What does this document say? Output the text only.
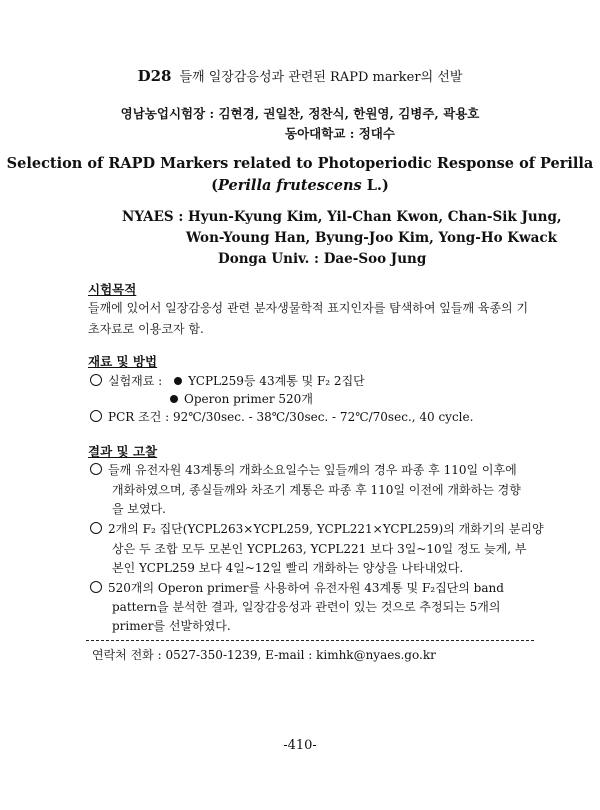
D28 들깨 일장감응성과 관련된 RAPD marker의 선발
영남농업시험장 : 김현경, 권일찬, 정찬식, 한원영, 김병주, 곽용호
동아대학교 : 정대수
Selection of RAPD Markers related to Photoperiodic Response of Perilla
(Perilla frutescens L.)
NYAES : Hyun-Kyung Kim, Yil-Chan Kwon, Chan-Sik Jung,
Won-Young Han, Byung-Joo Kim, Yong-Ho Kwack
Donga Univ. : Dae-Soo Jung
시험목적
들깨에 있어서 일장감응성 관련 분자생물학적 표지인자를 탐색하여 잎들깨 육종의 기
초자료로 이용코자 함.
재료 및 방법
실험재료 : YCPL259등 43계통 및 F₂ 2집단
Operon primer 520개
PCR 조건 : 92℃/30sec. - 38℃/30sec. - 72℃/70sec., 40 cycle.
결과 및 고찰
들깨 유전자원 43계통의 개화소요일수는 잎들깨의 경우 파종 후 110일 이후에
개화하였으며, 종실들깨와 차조기 계통은 파종 후 110일 이전에 개화하는 경향
을 보였다.
2개의 F₂ 집단(YCPL263×YCPL259, YCPL221×YCPL259)의 개화기의 분리양
상은 두 조합 모두 모본인 YCPL263, YCPL221 보다 3일~10일 정도 늦게, 부
본인 YCPL259 보다 4일~12일 빨리 개화하는 양상을 나타내었다.
520개의 Operon primer를 사용하여 유전자원 43계통 및 F₂집단의 band
pattern을 분석한 결과, 일장감응성과 관련이 있는 것으로 추정되는 5개의
primer를 선발하였다.
연락처 전화 : 0527-350-1239, E-mail : kimhk@nyaes.go.kr
-410-
